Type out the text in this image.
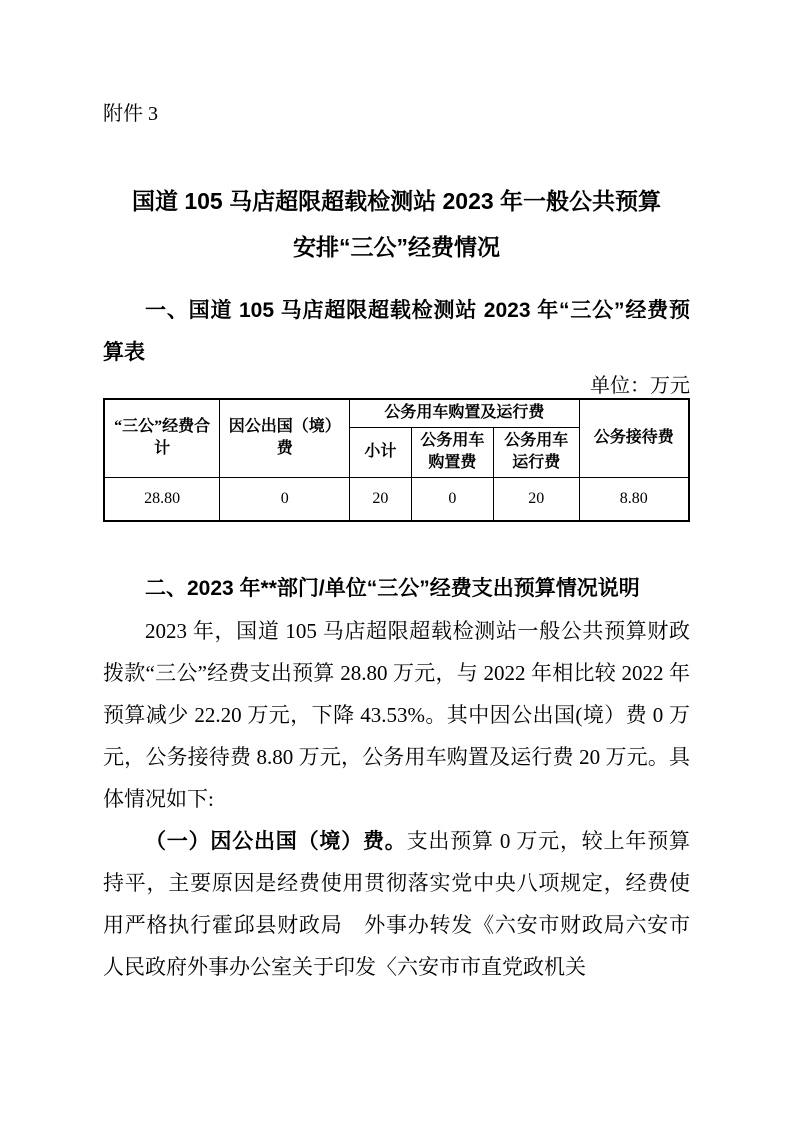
附件 3
国道 105 马店超限超载检测站 2023 年一般公共预算
安排“三公”经费情况

一、国道 105 马店超限超载检测站 2023 年“三公”经费预算表

单位：万元
“三公”经费合计	因公出国（境）费	公务用车购置及运行费			公务接待费
		小计	公务用车购置费	公务用车运行费	
28.80	0	20	0	20	8.80

二、2023 年**部门/单位“三公”经费支出预算情况说明

2023 年，国道 105 马店超限超载检测站一般公共预算财政拨款“三公”经费支出预算 28.80 万元，与 2022 年相比较 2022 年预算减少 22.20 万元，下降 43.53%。其中因公出国(境）费 0 万元，公务接待费 8.80 万元，公务用车购置及运行费 20 万元。具体情况如下:

（一）因公出国（境）费。支出预算 0 万元，较上年预算持平，主要原因是经费使用贯彻落实党中央八项规定，经费使用严格执行霍邱县财政局　外事办转发《六安市财政局六安市人民政府外事办公室关于印发〈六安市市直党政机关
